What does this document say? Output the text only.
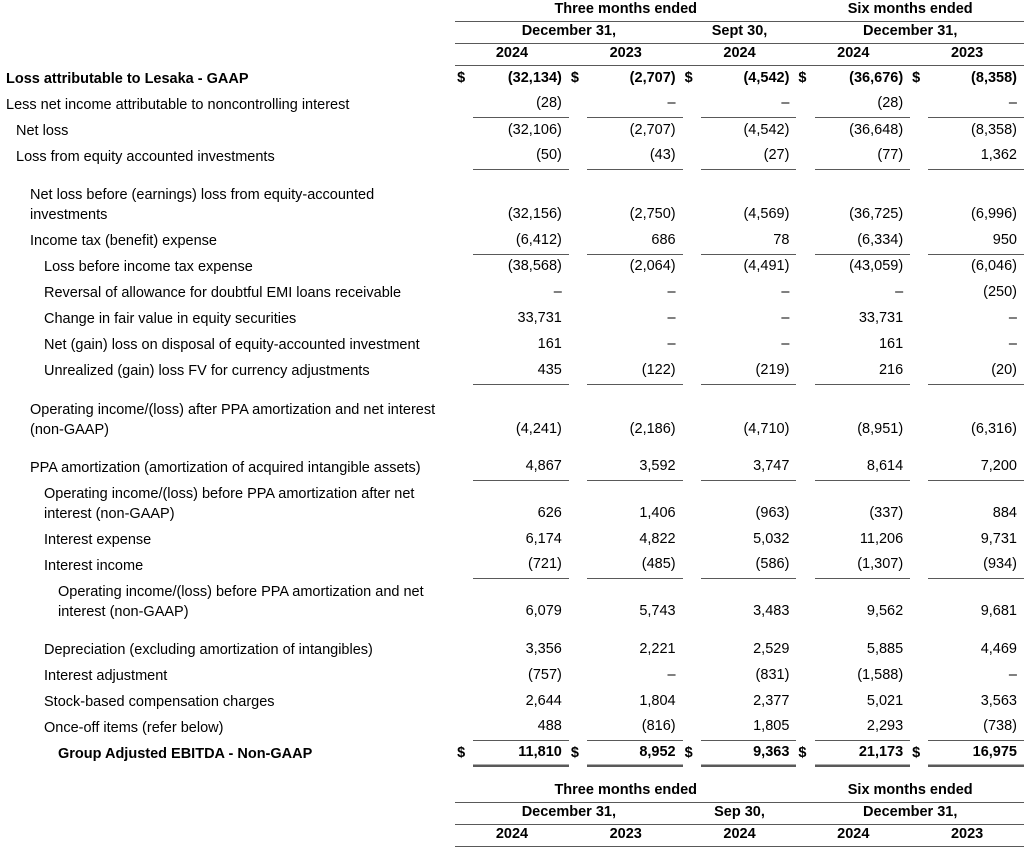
	Three months ended						Six months ended			
	December 31,				Sept 30,		December 31,			
	2024		2023		2024		2024		2023	
Loss attributable to Lesaka - GAAP	$	(32,134)	$	(2,707)	$	(4,542)	$	(36,676)	$	(8,358)
Less net income attributable to noncontrolling interest		(28)		–		–		(28)		–
Net loss		(32,106)		(2,707)		(4,542)		(36,648)		(8,358)
Loss from equity accounted investments		(50)		(43)		(27)		(77)		1,362

Net loss before (earnings) loss from equity-accounted investments		(32,156)		(2,750)		(4,569)		(36,725)		(6,996)
Income tax (benefit) expense		(6,412)		686		78		(6,334)		950
Loss before income tax expense		(38,568)		(2,064)		(4,491)		(43,059)		(6,046)
Reversal of allowance for doubtful EMI loans receivable		–		–		–		–		(250)
Change in fair value in equity securities		33,731		–		–		33,731		–
Net (gain) loss on disposal of equity-accounted investment		161		–		–		161		–
Unrealized (gain) loss FV for currency adjustments		435		(122)		(219)		216		(20)

Operating income/(loss) after PPA amortization and net interest (non-GAAP)		(4,241)		(2,186)		(4,710)		(8,951)		(6,316)

PPA amortization (amortization of acquired intangible assets)		4,867		3,592		3,747		8,614		7,200
Operating income/(loss) before PPA amortization after net interest (non-GAAP)		626		1,406		(963)		(337)		884
Interest expense		6,174		4,822		5,032		11,206		9,731
Interest income		(721)		(485)		(586)		(1,307)		(934)
Operating income/(loss) before PPA amortization and net interest (non-GAAP)		6,079		5,743		3,483		9,562		9,681

Depreciation (excluding amortization of intangibles)		3,356		2,221		2,529		5,885		4,469
Interest adjustment		(757)		–		(831)		(1,588)		–
Stock-based compensation charges		2,644		1,804		2,377		5,021		3,563
Once-off items (refer below)		488		(816)		1,805		2,293		(738)
Group Adjusted EBITDA - Non-GAAP	$	11,810	$	8,952	$	9,363	$	21,173	$	16,975
	Three months ended			Six months ended	
	December 31,		Sep 30,	December 31,	
	2024	2023	2024	2024	2023
